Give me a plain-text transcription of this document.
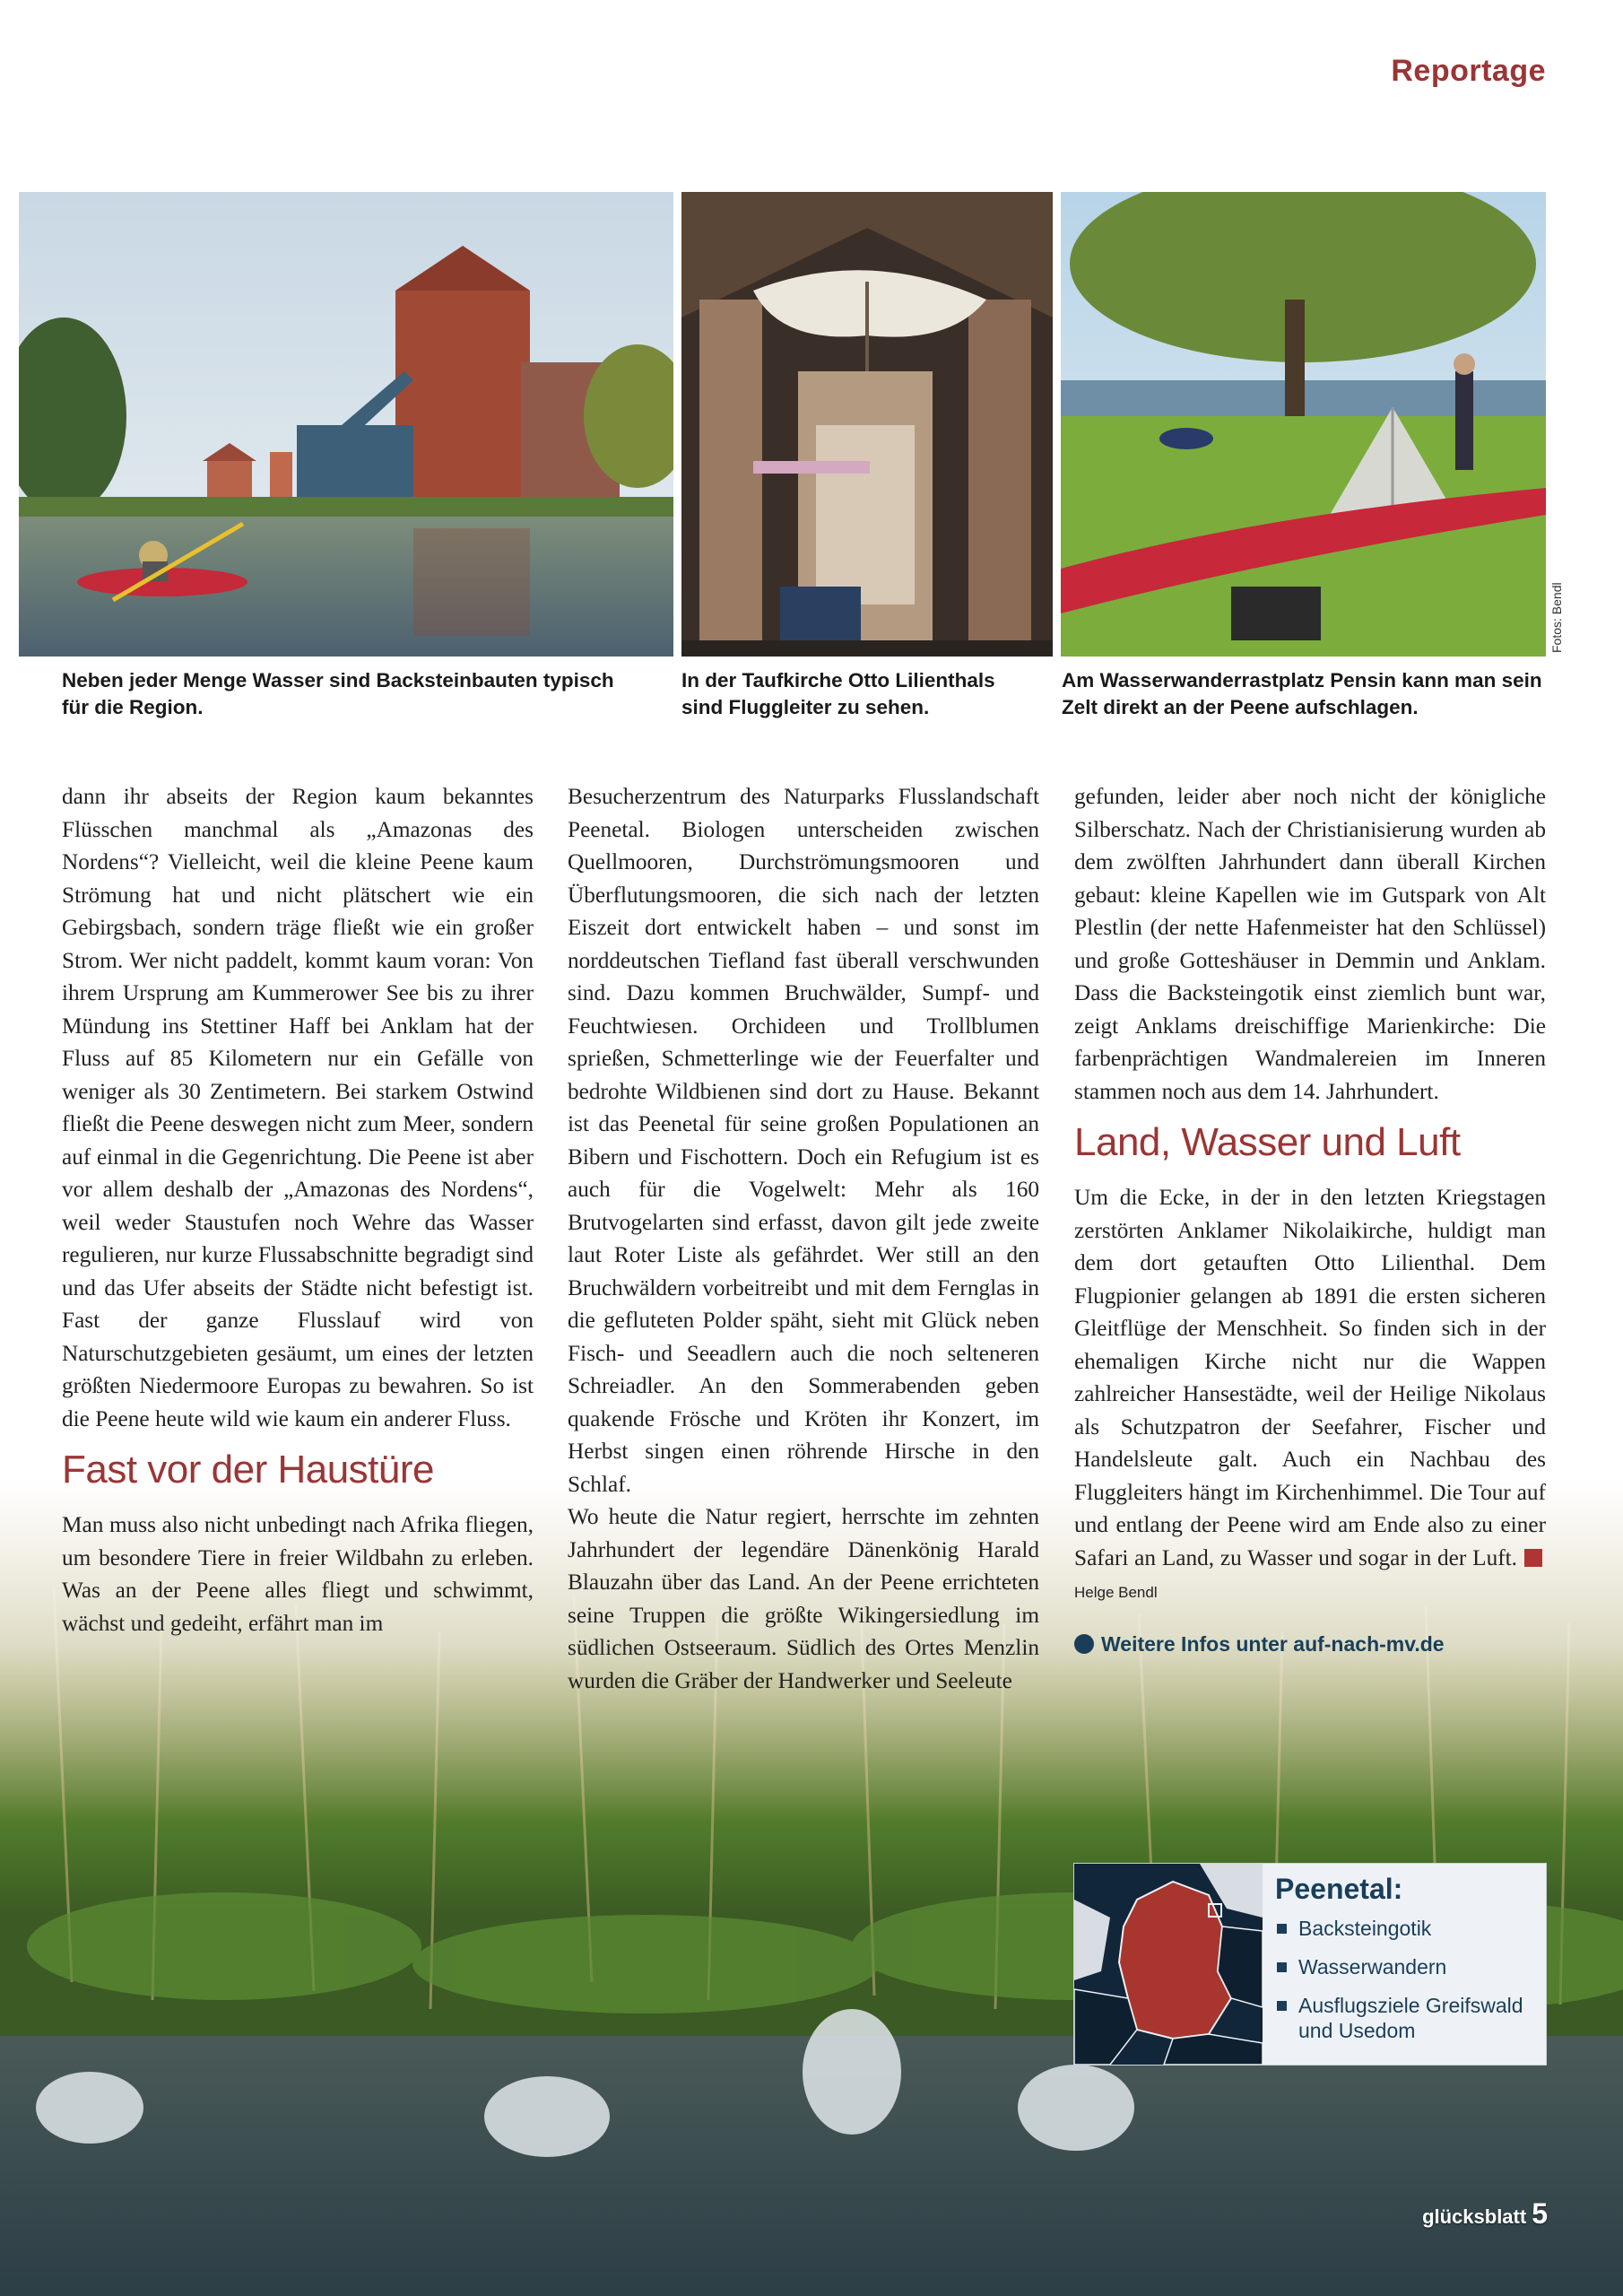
Reportage
Fotos: Bendl
Neben jeder Menge Wasser sind Backsteinbauten typisch für die Region.
In der Taufkirche Otto Lilienthals sind Fluggleiter zu sehen.
Am Wasserwanderrastplatz Pensin kann man sein Zelt direkt an der Peene aufschlagen.

dann ihr abseits der Region kaum bekanntes Flüsschen manchmal als „Amazonas des Nordens“? Vielleicht, weil die kleine Peene kaum Strömung hat und nicht plätschert wie ein Gebirgsbach, sondern träge fließt wie ein großer Strom. Wer nicht paddelt, kommt kaum voran: Von ihrem Ursprung am Kummerower See bis zu ihrer Mündung ins Stettiner Haff bei Anklam hat der Fluss auf 85 Kilometern nur ein Gefälle von weniger als 30 Zentimetern. Bei starkem Ostwind fließt die Peene deswegen nicht zum Meer, sondern auf einmal in die Gegenrichtung. Die Peene ist aber vor allem deshalb der „Amazonas des Nordens“, weil weder Staustufen noch Wehre das Wasser regulieren, nur kurze Flussabschnitte begradigt sind und das Ufer abseits der Städte nicht befestigt ist. Fast der ganze Flusslauf wird von Naturschutzgebieten gesäumt, um eines der letzten größten Niedermoore Europas zu bewahren. So ist die Peene heute wild wie kaum ein anderer Fluss.

Fast vor der Haustüre

Man muss also nicht unbedingt nach Afrika fliegen, um besondere Tiere in freier Wildbahn zu erleben. Was an der Peene alles fliegt und schwimmt, wächst und gedeiht, erfährt man im

Besucherzentrum des Naturparks Flusslandschaft Peenetal. Biologen unterscheiden zwischen Quellmooren, Durchströmungsmooren und Überflutungsmooren, die sich nach der letzten Eiszeit dort entwickelt haben – und sonst im norddeutschen Tiefland fast überall verschwunden sind. Dazu kommen Bruchwälder, Sumpf- und Feuchtwiesen. Orchideen und Trollblumen sprießen, Schmetterlinge wie der Feuerfalter und bedrohte Wildbienen sind dort zu Hause. Bekannt ist das Peenetal für seine großen Populationen an Bibern und Fischottern. Doch ein Refugium ist es auch für die Vogelwelt: Mehr als 160 Brutvogelarten sind erfasst, davon gilt jede zweite laut Roter Liste als gefährdet. Wer still an den Bruchwäldern vorbeitreibt und mit dem Fernglas in die gefluteten Polder späht, sieht mit Glück neben Fisch- und Seeadlern auch die noch selteneren Schreiadler. An den Sommerabenden geben quakende Frösche und Kröten ihr Konzert, im Herbst singen einen röhrende Hirsche in den Schlaf.

Wo heute die Natur regiert, herrschte im zehnten Jahrhundert der legendäre Dänenkönig Harald Blauzahn über das Land. An der Peene errichteten seine Truppen die größte Wikingersiedlung im südlichen Ostseeraum. Südlich des Ortes Menzlin wurden die Gräber der Handwerker und Seeleute

gefunden, leider aber noch nicht der königliche Silberschatz. Nach der Christianisierung wurden ab dem zwölften Jahrhundert dann überall Kirchen gebaut: kleine Kapellen wie im Gutspark von Alt Plestlin (der nette Hafenmeister hat den Schlüssel) und große Gotteshäuser in Demmin und Anklam. Dass die Backsteingotik einst ziemlich bunt war, zeigt Anklams dreischiffige Marienkirche: Die farbenprächtigen Wandmalereien im Inneren stammen noch aus dem 14. Jahrhundert.

Land, Wasser und Luft

Um die Ecke, in der in den letzten Kriegstagen zerstörten Anklamer Nikolaikirche, huldigt man dem dort getauften Otto Lilienthal. Dem Flugpionier gelangen ab 1891 die ersten sicheren Gleitflüge der Menschheit. So finden sich in der ehemaligen Kirche nicht nur die Wappen zahlreicher Hansestädte, weil der Heilige Nikolaus als Schutzpatron der Seefahrer, Fischer und Handelsleute galt. Auch ein Nachbau des Fluggleiters hängt im Kirchenhimmel. Die Tour auf und entlang der Peene wird am Ende also zu einer Safari an Land, zu Wasser und sogar in der Luft.Helge Bendl

Weitere Infos unter auf-nach-mv.de

Peenetal:
Backsteingotik
Wasserwandern
Ausflugsziele Greifswald und Usedom
glücksblatt 5
